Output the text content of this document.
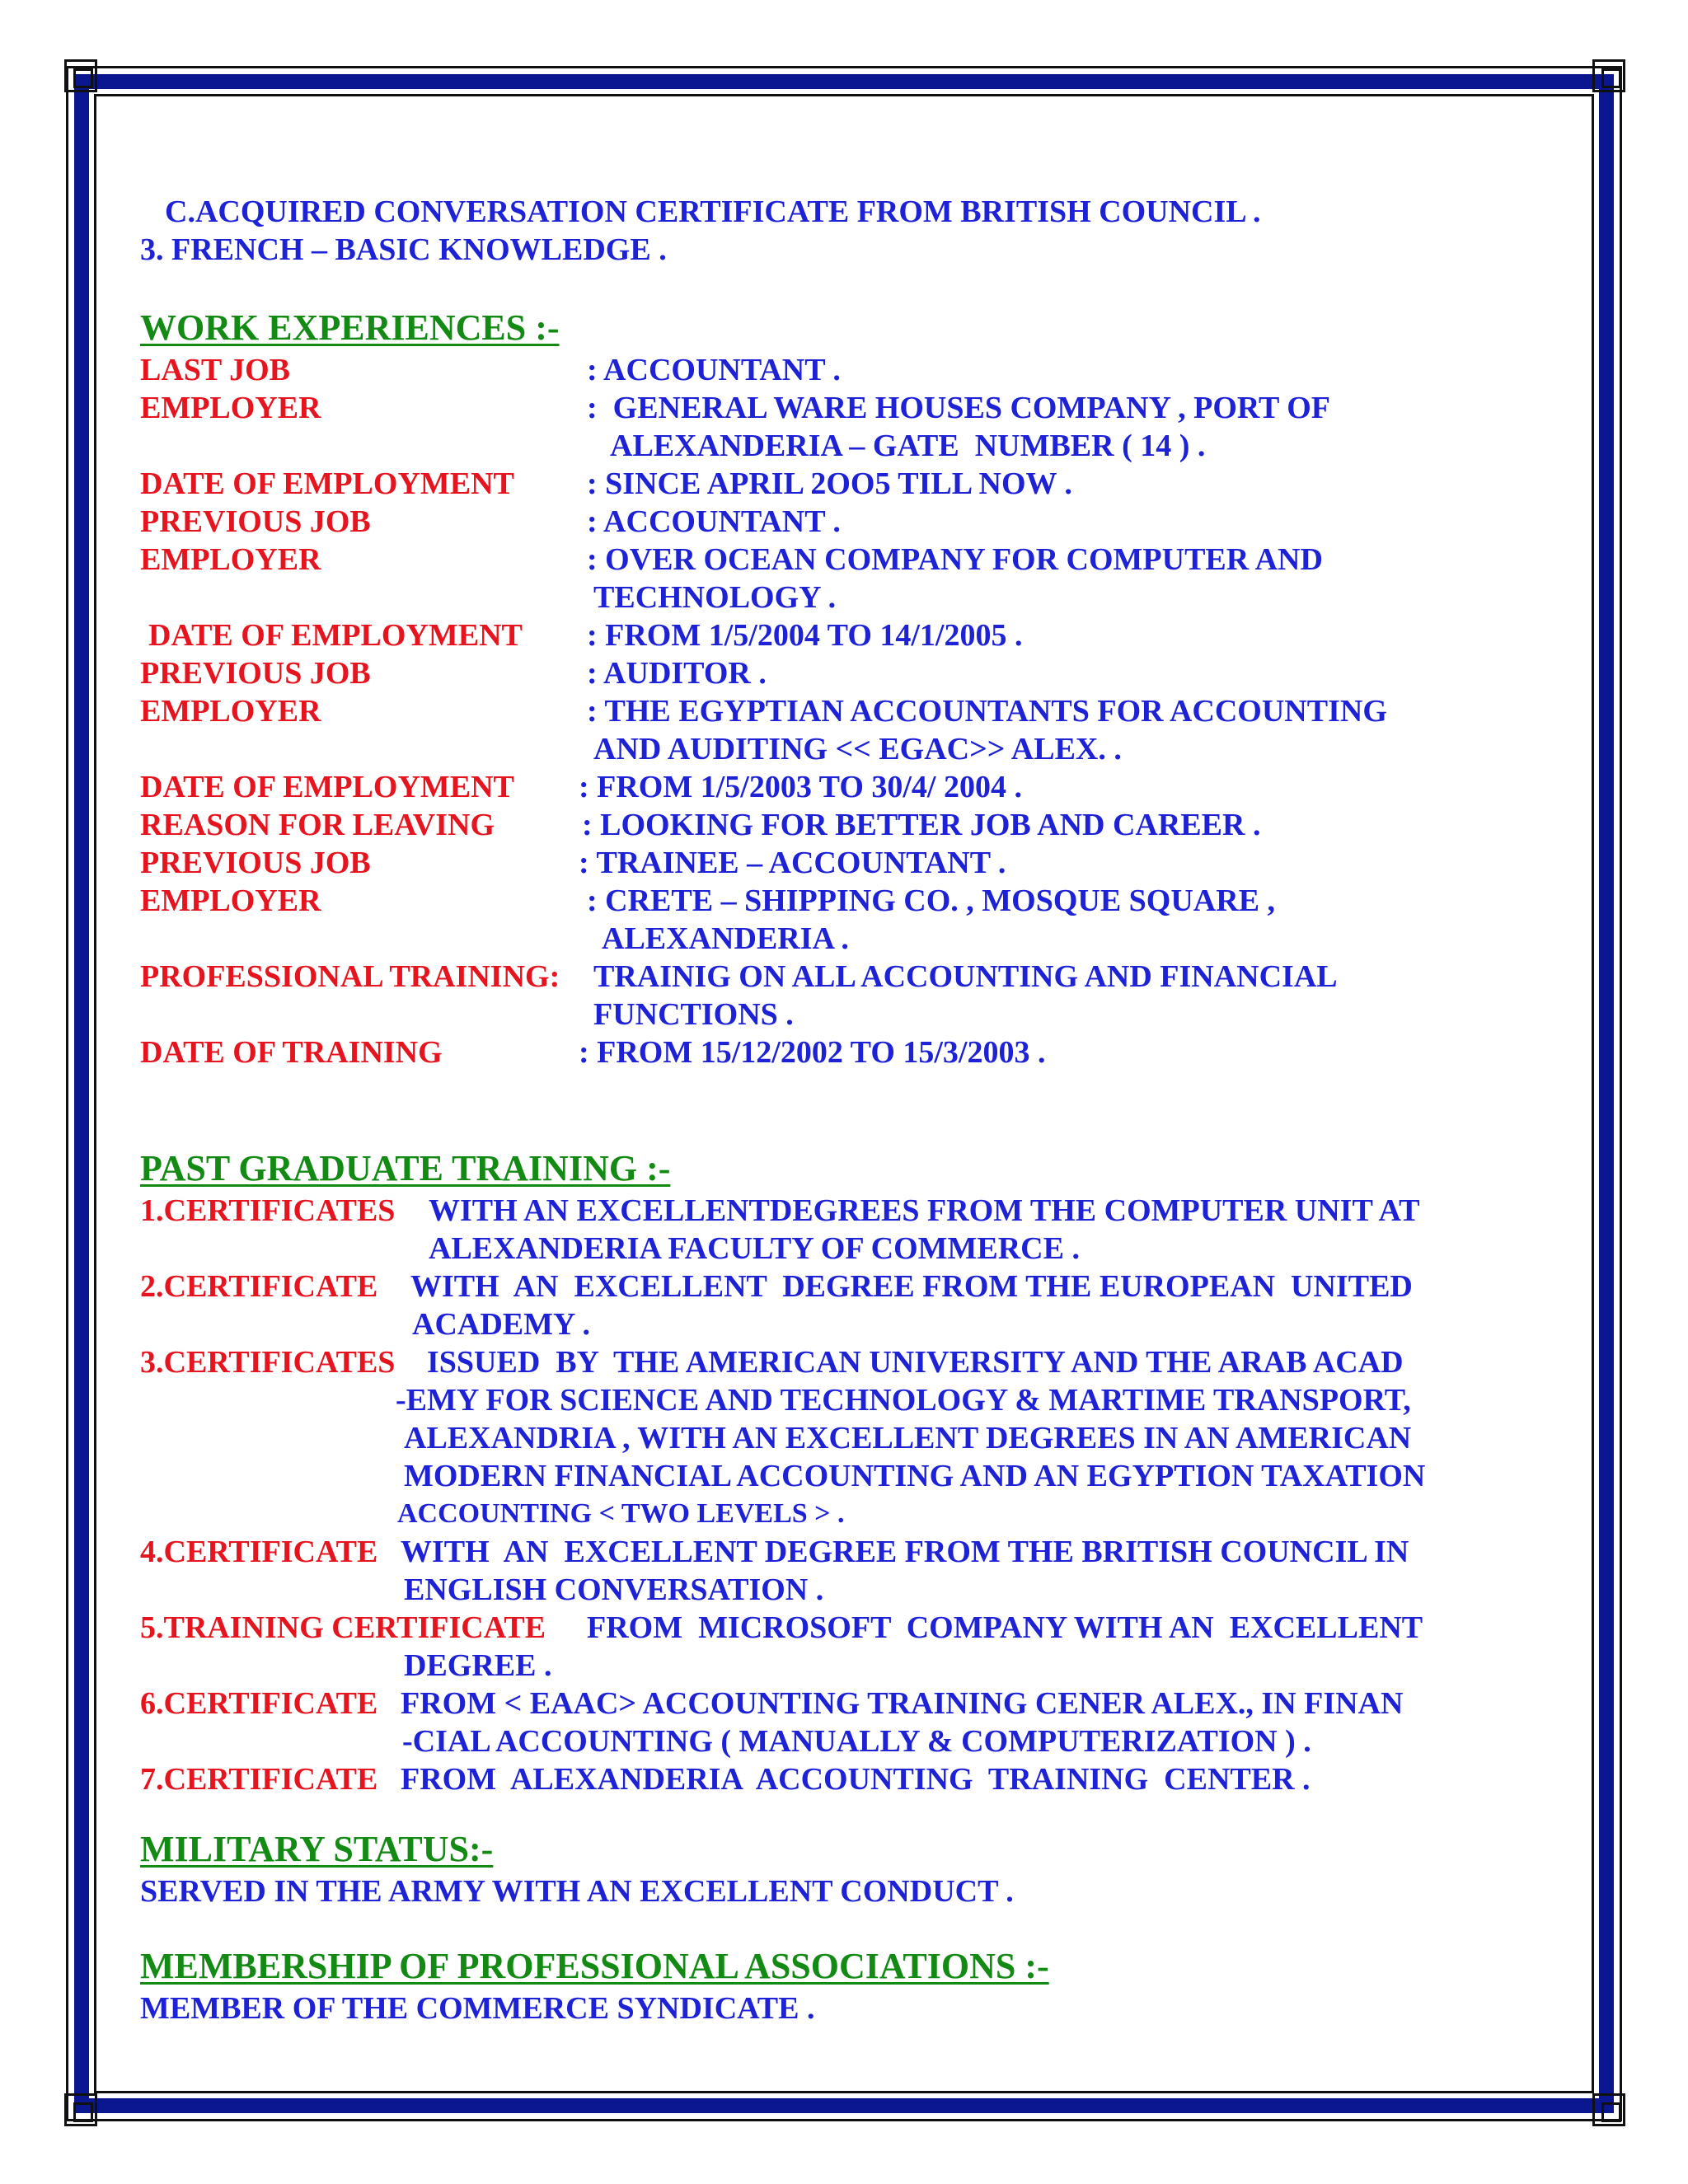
C.ACQUIRED CONVERSATION CERTIFICATE FROM BRITISH COUNCIL .
3. FRENCH – BASIC KNOWLEDGE .
WORK EXPERIENCES :-
LAST JOB	: ACCOUNTANT .
EMPLOYER	:  GENERAL WARE HOUSES COMPANY , PORT OF
ALEXANDERIA – GATE  NUMBER ( 14 ) .
DATE OF EMPLOYMENT : SINCE APRIL 2OO5 TILL NOW .
PREVIOUS JOB	: ACCOUNTANT .
EMPLOYER	: OVER OCEAN COMPANY FOR COMPUTER AND
TECHNOLOGY .
DATE OF EMPLOYMENT : FROM 1/5/2004 TO 14/1/2005 .
PREVIOUS JOB	: AUDITOR .
EMPLOYER	: THE EGYPTIAN ACCOUNTANTS FOR ACCOUNTING
AND AUDITING << EGAC>> ALEX. .
DATE OF EMPLOYMENT : FROM 1/5/2003 TO 30/4/ 2004 .
REASON FOR LEAVING	: LOOKING FOR BETTER JOB AND CAREER .
PREVIOUS JOB	: TRAINEE – ACCOUNTANT .
EMPLOYER	: CRETE – SHIPPING CO. , MOSQUE SQUARE ,
ALEXANDERIA .
PROFESSIONAL TRAINING: TRAINIG ON ALL ACCOUNTING AND FINANCIAL
FUNCTIONS .
DATE OF TRAINING	: FROM 15/12/2002 TO 15/3/2003 .
PAST GRADUATE TRAINING :-
1.CERTIFICATES WITH AN EXCELLENTDEGREES FROM THE COMPUTER UNIT AT
ALEXANDERIA FACULTY OF COMMERCE .
2.CERTIFICATE WITH  AN  EXCELLENT  DEGREE FROM THE EUROPEAN  UNITED
ACADEMY .
3.CERTIFICATES ISSUED  BY  THE AMERICAN UNIVERSITY AND THE ARAB ACAD
-EMY FOR SCIENCE AND TECHNOLOGY & MARTIME TRANSPORT,
ALEXANDRIA , WITH AN EXCELLENT DEGREES IN AN AMERICAN
MODERN FINANCIAL ACCOUNTING AND AN EGYPTION TAXATION
ACCOUNTING < TWO LEVELS > .
4.CERTIFICATE WITH  AN  EXCELLENT DEGREE FROM THE BRITISH COUNCIL IN
ENGLISH CONVERSATION .
5.TRAINING CERTIFICATE FROM  MICROSOFT  COMPANY WITH AN  EXCELLENT
DEGREE .
6.CERTIFICATE FROM < EAAC> ACCOUNTING TRAINING CENER ALEX., IN FINAN
-CIAL ACCOUNTING ( MANUALLY & COMPUTERIZATION ) .
7.CERTIFICATE FROM  ALEXANDERIA  ACCOUNTING  TRAINING  CENTER .
MILITARY STATUS:-
SERVED IN THE ARMY WITH AN EXCELLENT CONDUCT .
MEMBERSHIP OF PROFESSIONAL ASSOCIATIONS :-
MEMBER OF THE COMMERCE SYNDICATE .
